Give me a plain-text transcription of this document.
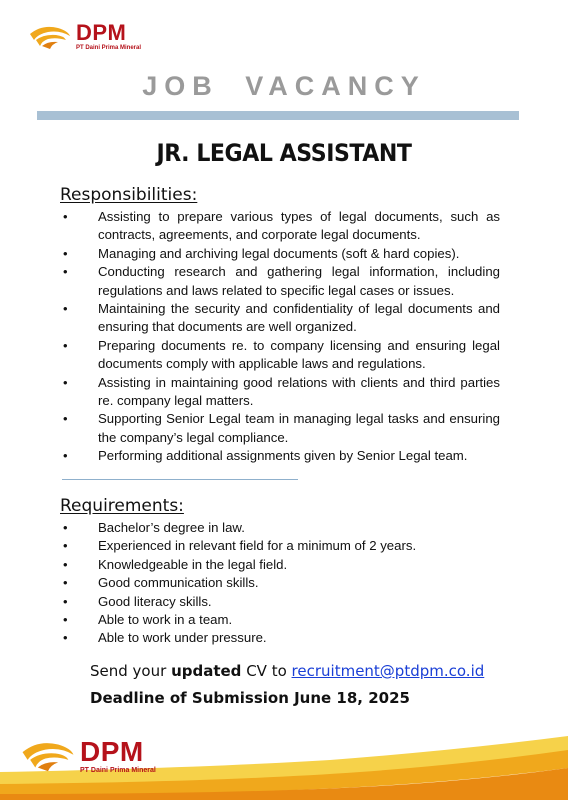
DPM
PT Daini Prima Mineral
JOB VACANCY
JR. LEGAL ASSISTANT
Responsibilities:
• Assisting to prepare various types of legal documents, such as contracts, agreements, and corporate legal documents.
• Managing and archiving legal documents (soft & hard copies).
• Conducting research and gathering legal information, including regulations and laws related to specific legal cases or issues.
• Maintaining the security and confidentiality of legal documents and ensuring that documents are well organized.
• Preparing documents re. to company licensing and ensuring legal documents comply with applicable laws and regulations.
• Assisting in maintaining good relations with clients and third parties re. company legal matters.
• Supporting Senior Legal team in managing legal tasks and ensuring the company’s legal compliance.
• Performing additional assignments given by Senior Legal team.
Requirements:
• Bachelor’s degree in law.
• Experienced in relevant field for a minimum of 2 years.
• Knowledgeable in the legal field.
• Good communication skills.
• Good literacy skills.
• Able to work in a team.
• Able to work under pressure.
Send your updated CV to recruitment@ptdpm.co.id
Deadline of Submission June 18, 2025
DPM
PT Daini Prima Mineral
